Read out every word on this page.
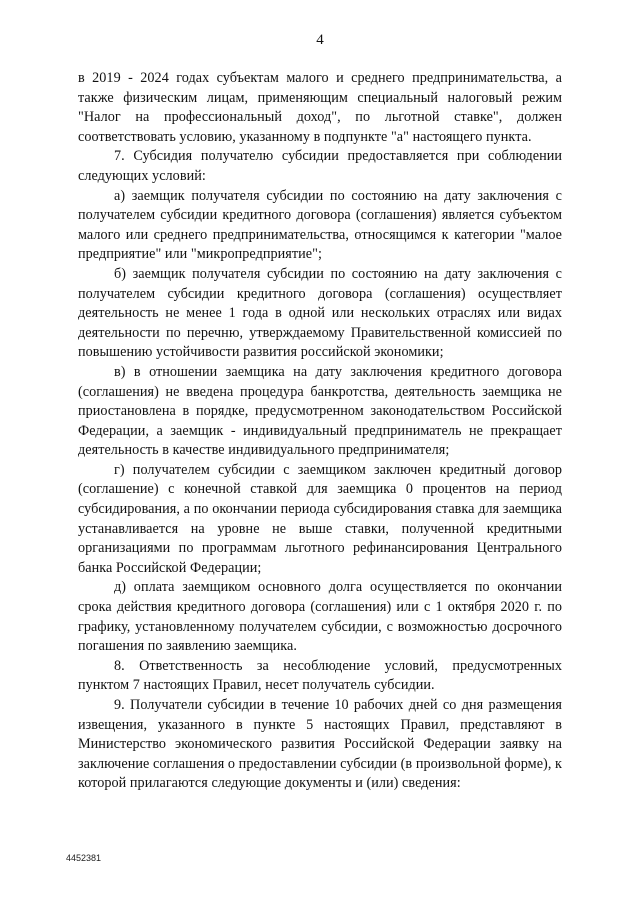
4

в 2019 - 2024 годах субъектам малого и среднего предпринимательства, а также физическим лицам, применяющим специальный налоговый режим "Налог на профессиональный доход", по льготной ставке", должен соответствовать условию, указанному в подпункте "а" настоящего пункта.

7. Субсидия получателю субсидии предоставляется при соблюдении следующих условий:

а) заемщик получателя субсидии по состоянию на дату заключения с получателем субсидии кредитного договора (соглашения) является субъектом малого или среднего предпринимательства, относящимся к категории "малое предприятие" или "микропредприятие";

б) заемщик получателя субсидии по состоянию на дату заключения с получателем субсидии кредитного договора (соглашения) осуществляет деятельность не менее 1 года в одной или нескольких отраслях или видах деятельности по перечню, утверждаемому Правительственной комиссией по повышению устойчивости развития российской экономики;

в) в отношении заемщика на дату заключения кредитного договора (соглашения) не введена процедура банкротства, деятельность заемщика не приостановлена в порядке, предусмотренном законодательством Российской Федерации, а заемщик - индивидуальный предприниматель не прекращает деятельность в качестве индивидуального предпринимателя;

г) получателем субсидии с заемщиком заключен кредитный договор (соглашение) с конечной ставкой для заемщика 0 процентов на период субсидирования, а по окончании периода субсидирования ставка для заемщика устанавливается на уровне не выше ставки, полученной кредитными организациями по программам льготного рефинансирования Центрального банка Российской Федерации;

д) оплата заемщиком основного долга осуществляется по окончании срока действия кредитного договора (соглашения) или с 1 октября 2020 г. по графику, установленному получателем субсидии, с возможностью досрочного погашения по заявлению заемщика.

8. Ответственность за несоблюдение условий, предусмотренных пунктом 7 настоящих Правил, несет получатель субсидии.

9. Получатели субсидии в течение 10 рабочих дней со дня размещения извещения, указанного в пункте 5 настоящих Правил, представляют в Министерство экономического развития Российской Федерации заявку на заключение соглашения о предоставлении субсидии (в произвольной форме), к которой прилагаются следующие документы и (или) сведения:

4452381
